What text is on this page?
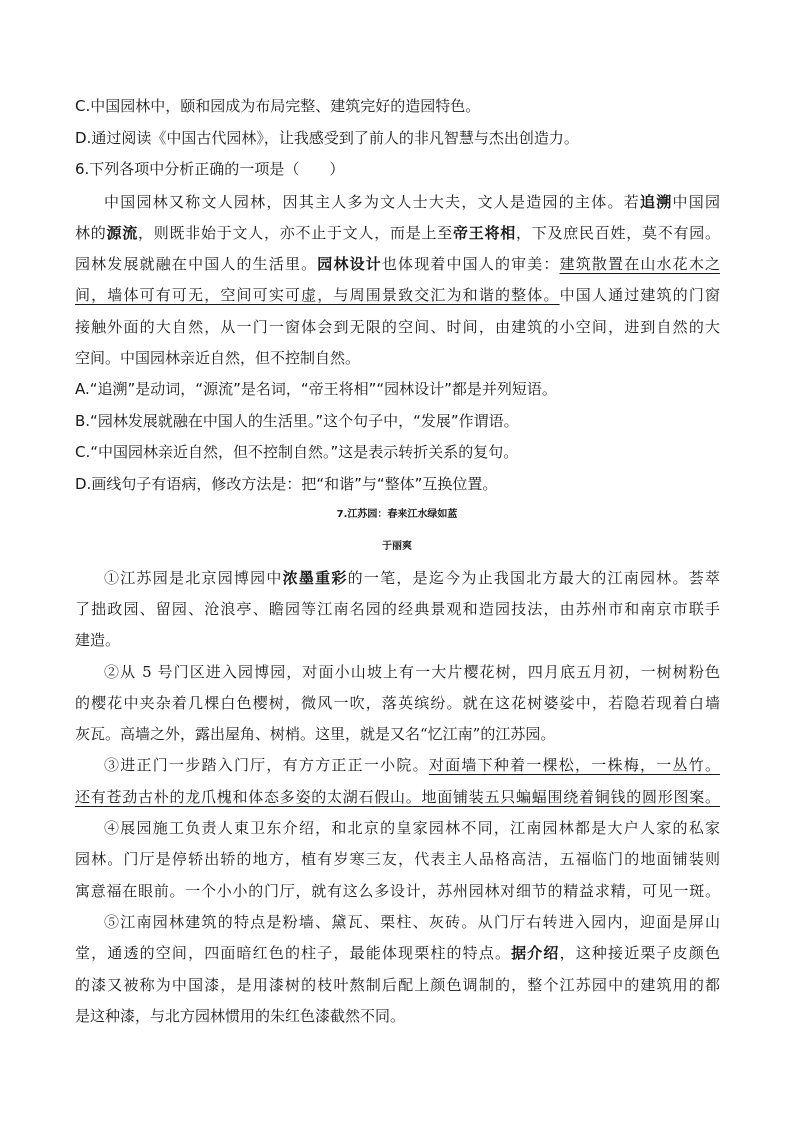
C.中国园林中，颐和园成为布局完整、建筑完好的造园特色。

D.通过阅读《中国古代园林》，让我感受到了前人的非凡智慧与杰出创造力。

6.下列各项中分析正确的一项是（　　）

中国园林又称文人园林，因其主人多为文人士大夫，文人是造园的主体。若追溯中国园

林的源流，则既非始于文人，亦不止于文人，而是上至帝王将相，下及庶民百姓，莫不有园。

园林发展就融在中国人的生活里。园林设计也体现着中国人的审美：建筑散置在山水花木之

间，墙体可有可无，空间可实可虚，与周围景致交汇为和谐的整体。中国人通过建筑的门窗

接触外面的大自然，从一门一窗体会到无限的空间、时间，由建筑的小空间，进到自然的大

空间。中国园林亲近自然，但不控制自然。

A.“追溯”是动词，“源流”是名词，“帝王将相”“园林设计”都是并列短语。

B.“园林发展就融在中国人的生活里。”这个句子中，“发展”作谓语。

C.“中国园林亲近自然，但不控制自然。”这是表示转折关系的复句。

D.画线句子有语病，修改方法是：把“和谐”与“整体”互换位置。

7.江苏园：春来江水绿如蓝

于丽爽

①江苏园是北京园博园中浓墨重彩的一笔，是迄今为止我国北方最大的江南园林。荟萃

了拙政园、留园、沧浪亭、瞻园等江南名园的经典景观和造园技法，由苏州市和南京市联手

建造。

②从 5 号门区进入园博园，对面小山坡上有一大片樱花树，四月底五月初，一树树粉色

的樱花中夹杂着几棵白色樱树，微风一吹，落英缤纷。就在这花树婆娑中，若隐若现着白墙

灰瓦。高墙之外，露出屋角、树梢。这里，就是又名“忆江南”的江苏园。

③进正门一步踏入门厅，有方方正正一小院。对面墙下种着一棵松，一株梅，一丛竹。

还有苍劲古朴的龙爪槐和体态多姿的太湖石假山。地面铺装五只蝙蝠围绕着铜钱的圆形图案。

④展园施工负责人東卫东介绍，和北京的皇家园林不同，江南园林都是大户人家的私家

园林。门厅是停轿出轿的地方，植有岁寒三友，代表主人品格高洁，五福临门的地面铺装则

寓意福在眼前。一个小小的门厅，就有这么多设计，苏州园林对细节的精益求精，可见一斑。

⑤江南园林建筑的特点是粉墙、黛瓦、栗柱、灰砖。从门厅右转进入园内，迎面是屏山

堂，通透的空间，四面暗红色的柱子，最能体现栗柱的特点。据介绍，这种接近栗子皮颜色

的漆又被称为中国漆，是用漆树的枝叶熬制后配上颜色调制的，整个江苏园中的建筑用的都

是这种漆，与北方园林惯用的朱红色漆截然不同。
